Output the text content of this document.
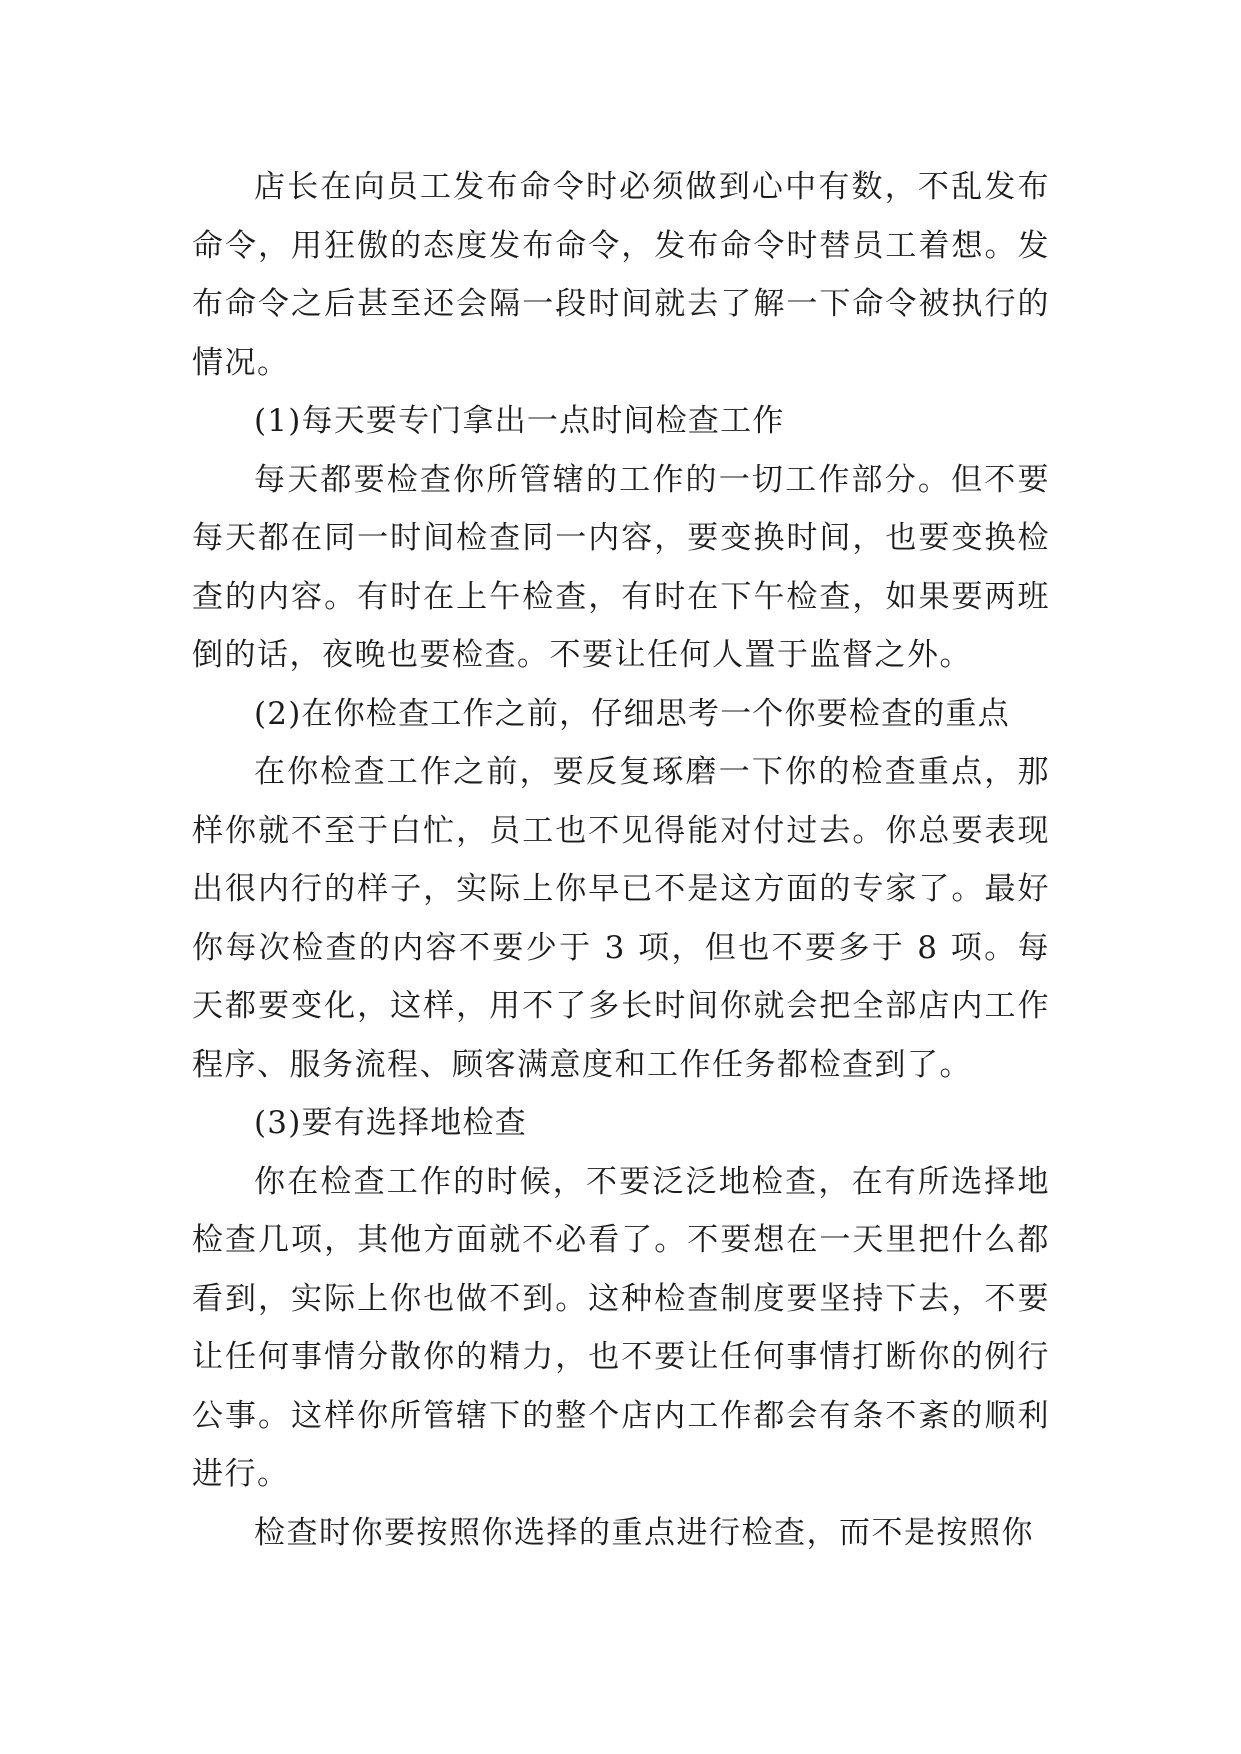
店长在向员工发布命令时必须做到心中有数，不乱发布命令，用狂傲的态度发布命令，发布命令时替员工着想。发布命令之后甚至还会隔一段时间就去了解一下命令被执行的情况。

(1)每天要专门拿出一点时间检查工作

每天都要检查你所管辖的工作的一切工作部分。但不要每天都在同一时间检查同一内容，要变换时间，也要变换检查的内容。有时在上午检查，有时在下午检查，如果要两班倒的话，夜晚也要检查。不要让任何人置于监督之外。

(2)在你检查工作之前，仔细思考一个你要检查的重点

在你检查工作之前，要反复琢磨一下你的检查重点，那样你就不至于白忙，员工也不见得能对付过去。你总要表现出很内行的样子，实际上你早已不是这方面的专家了。最好你每次检查的内容不要少于 3 项，但也不要多于 8 项。每天都要变化，这样，用不了多长时间你就会把全部店内工作程序、服务流程、顾客满意度和工作任务都检查到了。

(3)要有选择地检查

你在检查工作的时候，不要泛泛地检查，在有所选择地检查几项，其他方面就不必看了。不要想在一天里把什么都看到，实际上你也做不到。这种检查制度要坚持下去，不要让任何事情分散你的精力，也不要让任何事情打断你的例行公事。这样你所管辖下的整个店内工作都会有条不紊的顺利进行。

检查时你要按照你选择的重点进行检查，而不是按照你
